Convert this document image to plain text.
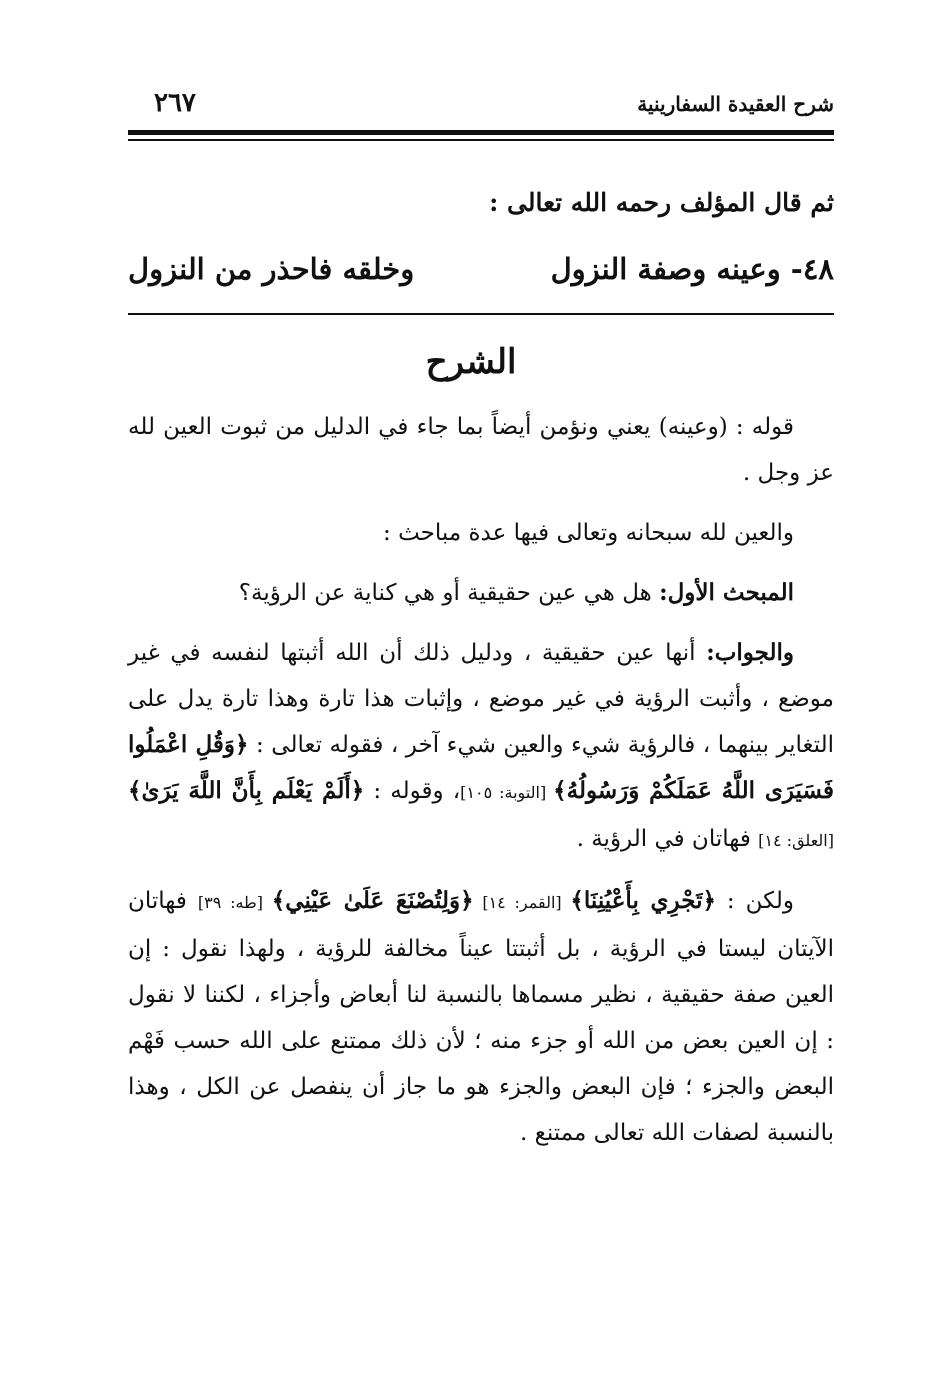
شرح العقيدة السفارينية
٢٦٧
ثم قال المؤلف رحمه الله تعالى :
٤٨- وعينه وصفة النزول
وخلقه فاحذر من النزول
الشرح

قوله : (وعينه) يعني ونؤمن أيضاً بما جاء في الدليل من ثبوت العين لله عز وجل .

والعين لله سبحانه وتعالى فيها عدة مباحث :

المبحث الأول: هل هي عين حقيقية أو هي كناية عن الرؤية؟

والجواب: أنها عين حقيقية ، ودليل ذلك أن الله أثبتها لنفسه في غير موضع ، وأثبت الرؤية في غير موضع ، وإثبات هذا تارة وهذا تارة يدل على التغاير بينهما ، فالرؤية شيء والعين شيء آخر ، فقوله تعالى : ﴿وَقُلِ اعْمَلُوا فَسَيَرَى اللَّهُ عَمَلَكُمْ وَرَسُولُهُ﴾ [التوبة: ١٠٥]، وقوله : ﴿أَلَمْ يَعْلَم بِأَنَّ اللَّهَ يَرَىٰ﴾[العلق: ١٤] فهاتان في الرؤية .

ولكن : ﴿تَجْرِي بِأَعْيُنِنَا﴾ [القمر: ١٤] ﴿وَلِتُصْنَعَ عَلَىٰ عَيْنِي﴾ [طه: ٣٩] فهاتان الآيتان ليستا في الرؤية ، بل أثبتتا عيناً مخالفة للرؤية ، ولهذا نقول : إن العين صفة حقيقية ، نظير مسماها بالنسبة لنا أبعاض وأجزاء ، لكننا لا نقول : إن العين بعض من الله أو جزء منه ؛ لأن ذلك ممتنع على الله حسب فَهْم البعض والجزء ؛ فإن البعض والجزء هو ما جاز أن ينفصل عن الكل ، وهذا بالنسبة لصفات الله تعالى ممتنع .
